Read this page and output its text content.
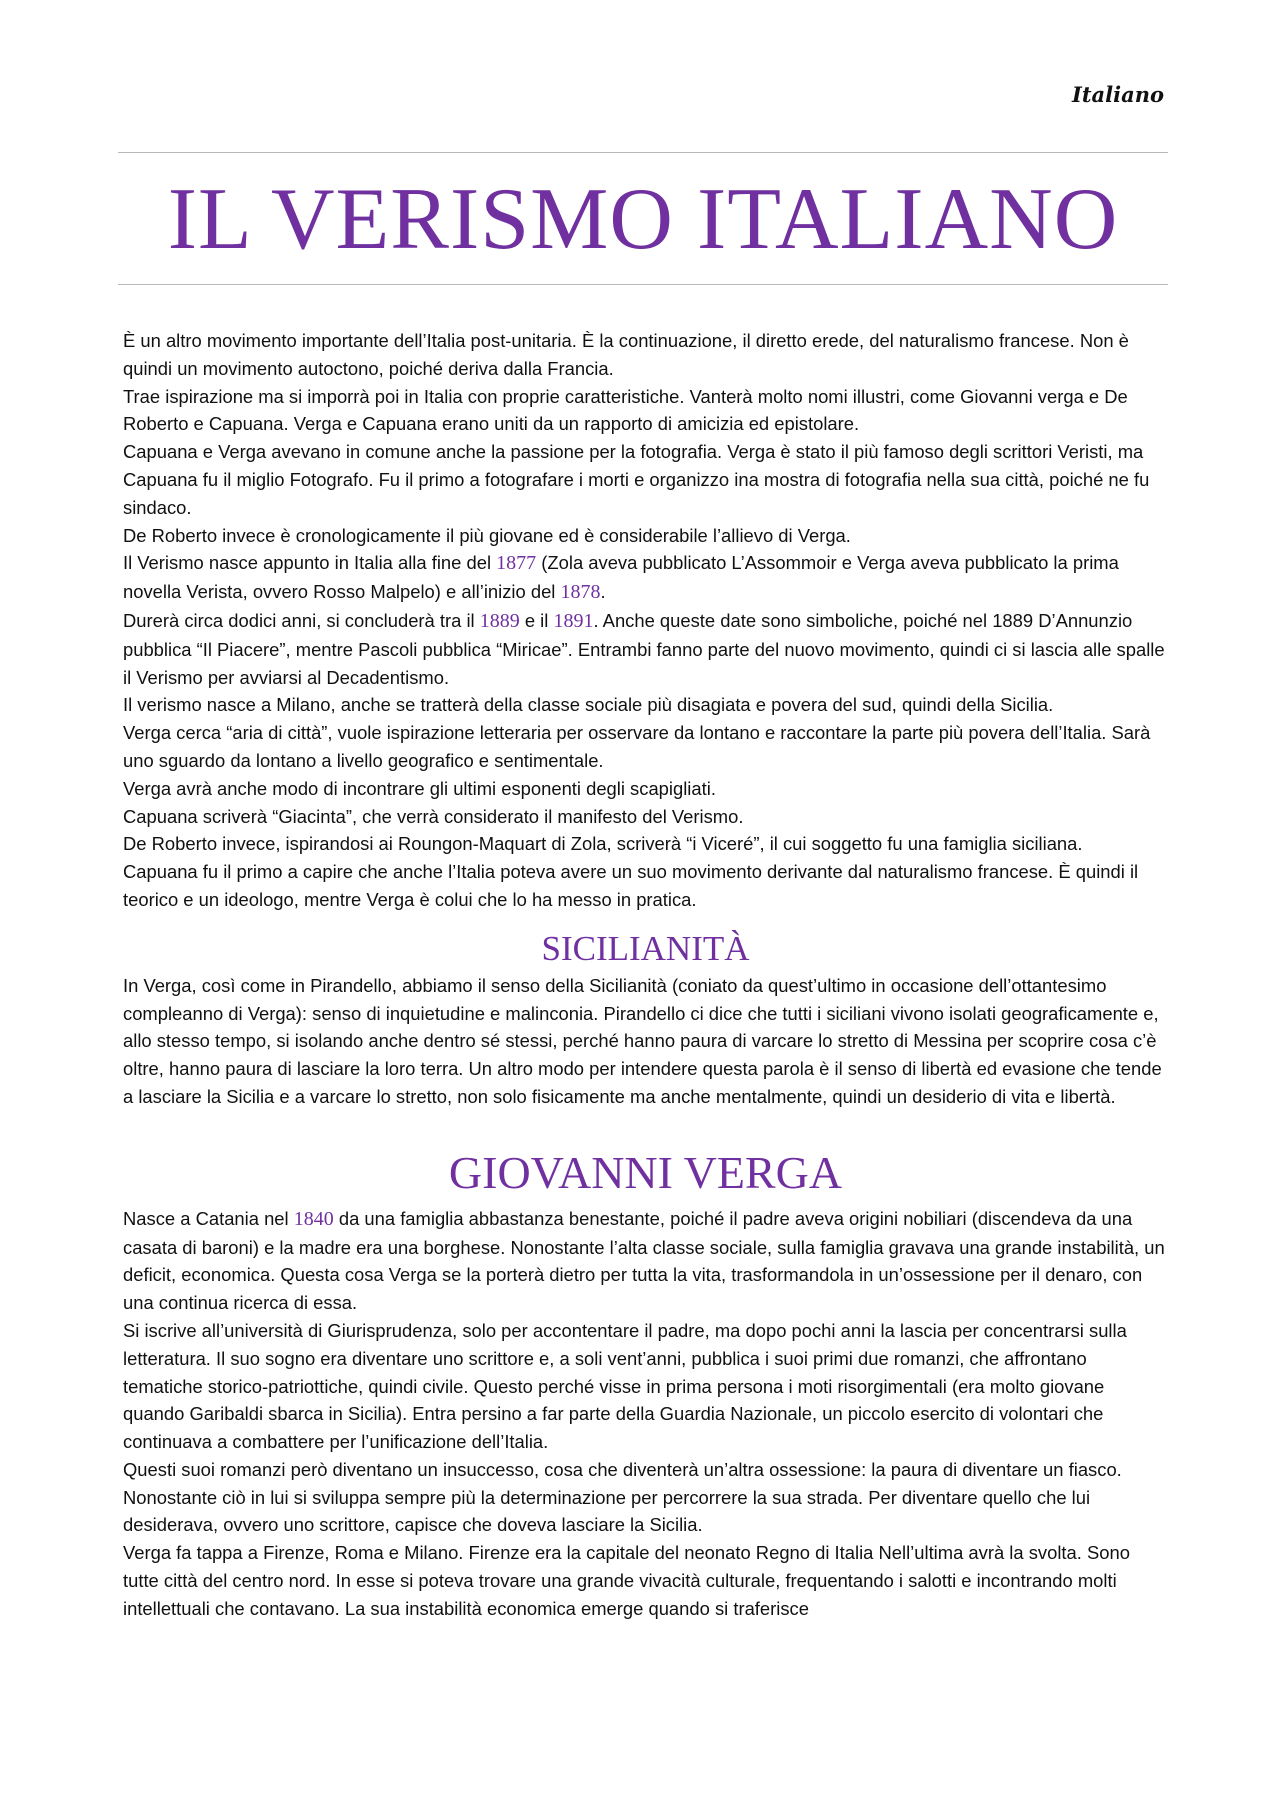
Italiano
IL VERISMO ITALIANO

È un altro movimento importante dell’Italia post-unitaria. È la continuazione, il diretto erede, del naturalismo francese. Non è quindi un movimento autoctono, poiché deriva dalla Francia.

Trae ispirazione ma si imporrà poi in Italia con proprie caratteristiche. Vanterà molto nomi illustri, come Giovanni verga e De Roberto e Capuana. Verga e Capuana erano uniti da un rapporto di amicizia ed epistolare.

Capuana e Verga avevano in comune anche la passione per la fotografia. Verga è stato il più famoso degli scrittori Veristi, ma Capuana fu il miglio Fotografo. Fu il primo a fotografare i morti e organizzo ina mostra di fotografia nella sua città, poiché ne fu sindaco.

De Roberto invece è cronologicamente il più giovane ed è considerabile l’allievo di Verga.

Il Verismo nasce appunto in Italia alla fine del 1877 (Zola aveva pubblicato L’Assommoir e Verga aveva pubblicato la prima novella Verista, ovvero Rosso Malpelo) e all’inizio del 1878.

Durerà circa dodici anni, si concluderà tra il 1889 e il 1891. Anche queste date sono simboliche, poiché nel 1889 D’Annunzio pubblica “Il Piacere”, mentre Pascoli pubblica “Miricae”. Entrambi fanno parte del nuovo movimento, quindi ci si lascia alle spalle il Verismo per avviarsi al Decadentismo.

Il verismo nasce a Milano, anche se tratterà della classe sociale più disagiata e povera del sud, quindi della Sicilia.

Verga cerca “aria di città”, vuole ispirazione letteraria per osservare da lontano e raccontare la parte più povera dell’Italia. Sarà uno sguardo da lontano a livello geografico e sentimentale.

Verga avrà anche modo di incontrare gli ultimi esponenti degli scapigliati.

Capuana scriverà “Giacinta”, che verrà considerato il manifesto del Verismo.

De Roberto invece, ispirandosi ai Roungon-Maquart di Zola, scriverà “i Viceré”, il cui soggetto fu una famiglia siciliana.

Capuana fu il primo a capire che anche l’Italia poteva avere un suo movimento derivante dal naturalismo francese. È quindi il teorico e un ideologo, mentre Verga è colui che lo ha messo in pratica.

SICILIANITÀ

In Verga, così come in Pirandello, abbiamo il senso della Sicilianità (coniato da quest’ultimo in occasione dell’ottantesimo compleanno di Verga): senso di inquietudine e malinconia. Pirandello ci dice che tutti i siciliani vivono isolati geograficamente e, allo stesso tempo, si isolando anche dentro sé stessi, perché hanno paura di varcare lo stretto di Messina per scoprire cosa c’è oltre, hanno paura di lasciare la loro terra. Un altro modo per intendere questa parola è il senso di libertà ed evasione che tende a lasciare la Sicilia e a varcare lo stretto, non solo fisicamente ma anche mentalmente, quindi un desiderio di vita e libertà.

GIOVANNI VERGA

Nasce a Catania nel 1840 da una famiglia abbastanza benestante, poiché il padre aveva origini nobiliari (discendeva da una casata di baroni) e la madre era una borghese. Nonostante l’alta classe sociale, sulla famiglia gravava una grande instabilità, un deficit, economica. Questa cosa Verga se la porterà dietro per tutta la vita, trasformandola in un’ossessione per il denaro, con una continua ricerca di essa.

Si iscrive all’università di Giurisprudenza, solo per accontentare il padre, ma dopo pochi anni la lascia per concentrarsi sulla letteratura. Il suo sogno era diventare uno scrittore e, a soli vent’anni, pubblica i suoi primi due romanzi, che affrontano tematiche storico-patriottiche, quindi civile. Questo perché visse in prima persona i moti risorgimentali (era molto giovane quando Garibaldi sbarca in Sicilia). Entra persino a far parte della Guardia Nazionale, un piccolo esercito di volontari che continuava a combattere per l’unificazione dell’Italia.

Questi suoi romanzi però diventano un insuccesso, cosa che diventerà un’altra ossessione: la paura di diventare un fiasco. Nonostante ciò in lui si sviluppa sempre più la determinazione per percorrere la sua strada. Per diventare quello che lui desiderava, ovvero uno scrittore, capisce che doveva lasciare la Sicilia.

Verga fa tappa a Firenze, Roma e Milano. Firenze era la capitale del neonato Regno di Italia Nell’ultima avrà la svolta. Sono tutte città del centro nord. In esse si poteva trovare una grande vivacità culturale, frequentando i salotti e incontrando molti intellettuali che contavano. La sua instabilità economica emerge quando si traferisce
